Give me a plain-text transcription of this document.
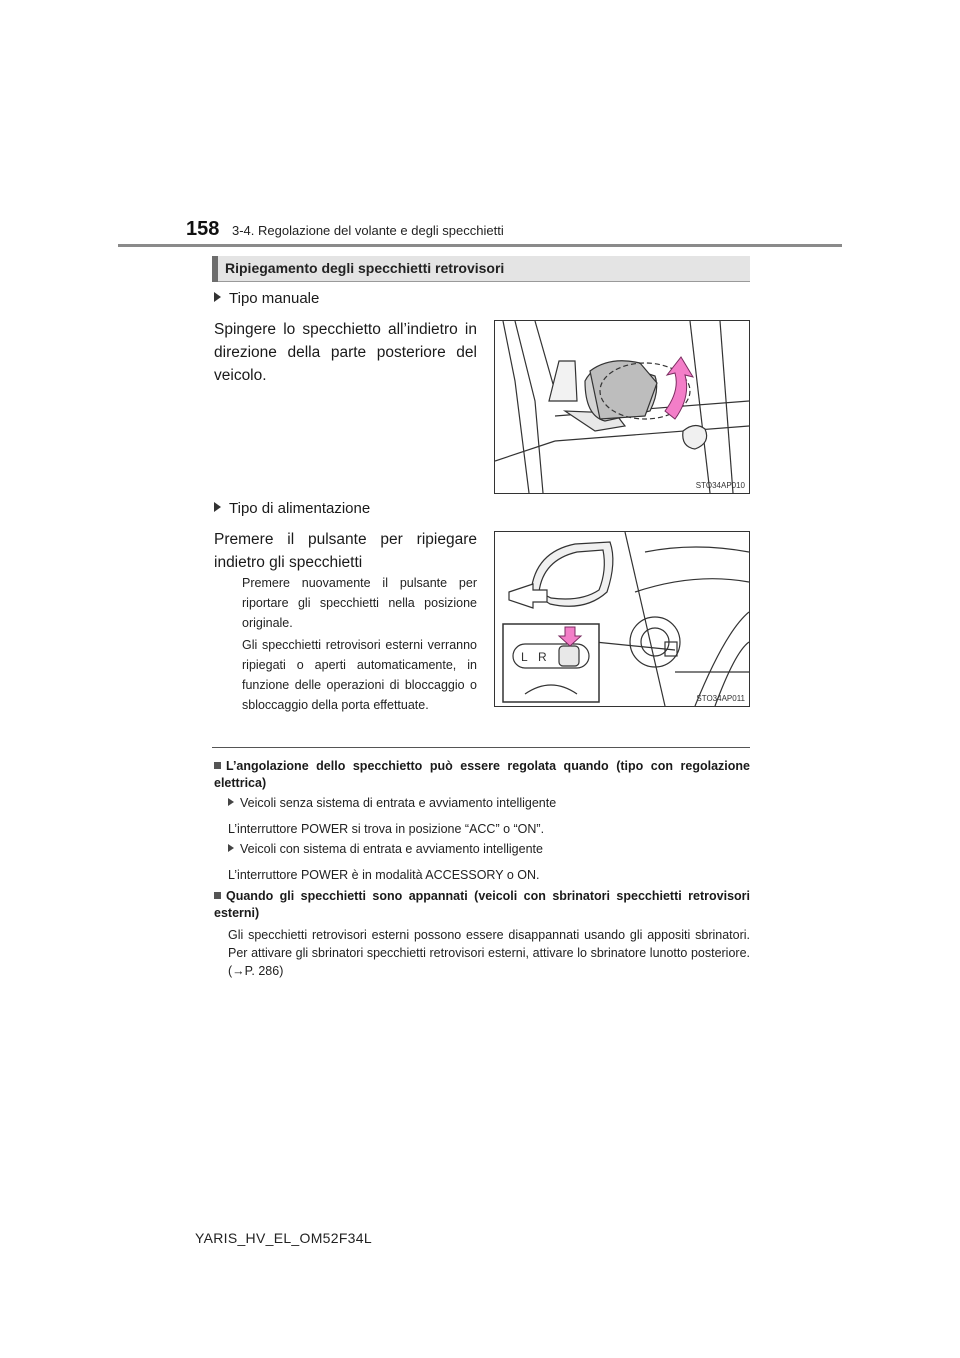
158 3-4. Regolazione del volante e degli specchietti
Ripiegamento degli specchietti retrovisori
Tipo manuale
Spingere lo specchietto all’indietro in direzione della parte posteriore del veicolo.
STO34AP010
Tipo di alimentazione
Premere il pulsante per ripiegare indietro gli specchietti
Premere nuovamente il pulsante per riportare gli specchietti nella posizione originale.
Gli specchietti retrovisori esterni verranno ripiegati o aperti automaticamente, in funzione delle operazioni di bloccaggio o sbloccaggio della porta effettuate.
L R
STO34AP011
L’angolazione dello specchietto può essere regolata quando (tipo con regolazione elettrica)
Veicoli senza sistema di entrata e avviamento intelligente
L’interruttore POWER si trova in posizione “ACC” o “ON”.
Veicoli con sistema di entrata e avviamento intelligente
L’interruttore POWER è in modalità ACCESSORY o ON.
Quando gli specchietti sono appannati (veicoli con sbrinatori specchietti retrovisori esterni)
Gli specchietti retrovisori esterni possono essere disappannati usando gli appositi sbrinatori. Per attivare gli sbrinatori specchietti retrovisori esterni, attivare lo sbrinatore lunotto posteriore. (→P. 286)
YARIS_HV_EL_OM52F34L
